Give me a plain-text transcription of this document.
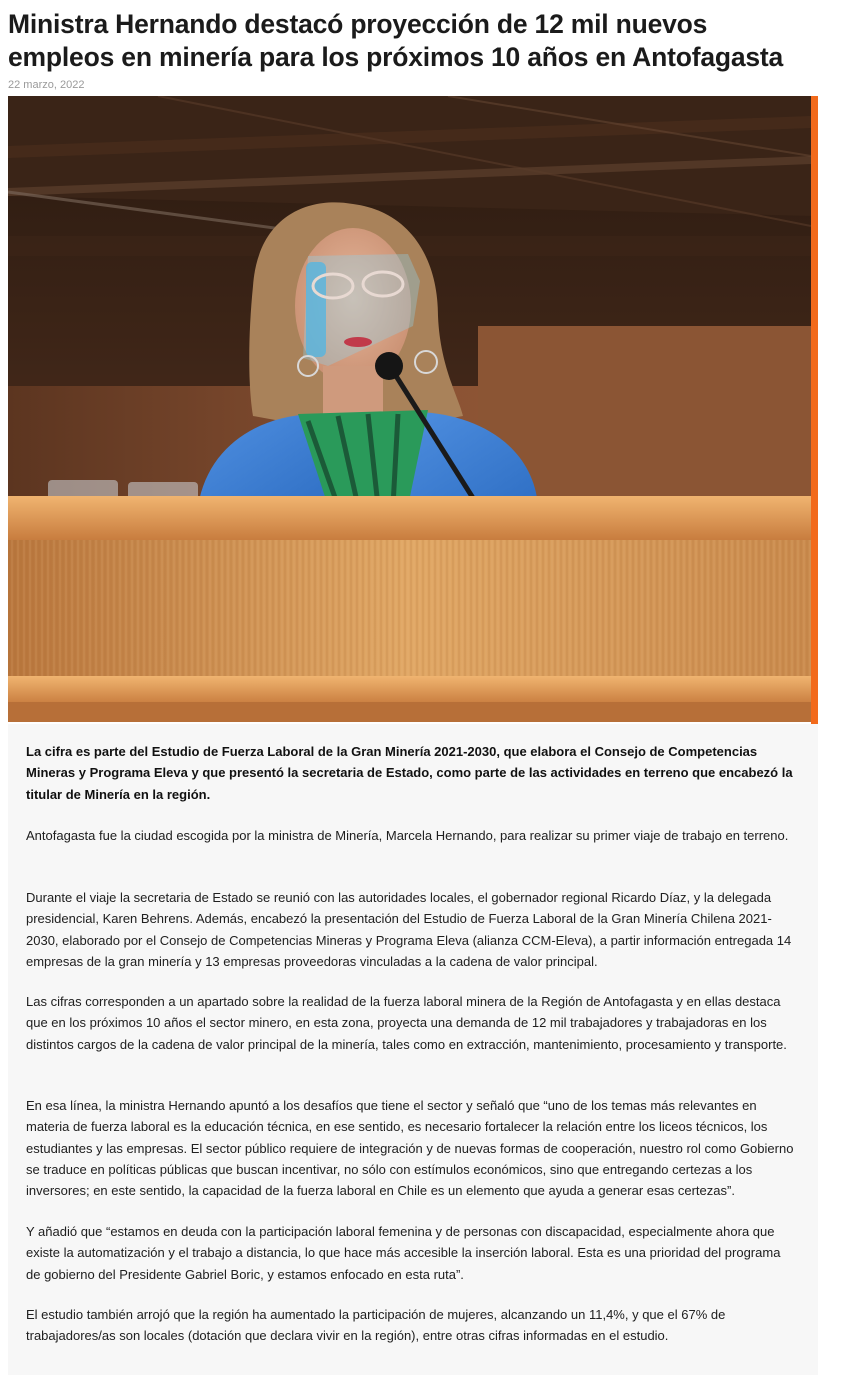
Ministra Hernando destacó proyección de 12 mil nuevos empleos en minería para los próximos 10 años en Antofagasta
22 marzo, 2022

La cifra es parte del Estudio de Fuerza Laboral de la Gran Minería 2021-2030, que elabora el Consejo de Competencias Mineras y Programa Eleva y que presentó la secretaria de Estado, como parte de las actividades en terreno que encabezó la titular de Minería en la región.

Antofagasta fue la ciudad escogida por la ministra de Minería, Marcela Hernando, para realizar su primer viaje de trabajo en terreno.

Durante el viaje la secretaria de Estado se reunió con las autoridades locales, el gobernador regional Ricardo Díaz, y la delegada presidencial, Karen Behrens. Además, encabezó la presentación del Estudio de Fuerza Laboral de la Gran Minería Chilena 2021-2030, elaborado por el Consejo de Competencias Mineras y Programa Eleva (alianza CCM-Eleva), a partir información entregada 14 empresas de la gran minería y 13 empresas proveedoras vinculadas a la cadena de valor principal.

Las cifras corresponden a un apartado sobre la realidad de la fuerza laboral minera de la Región de Antofagasta y en ellas destaca que en los próximos 10 años el sector minero, en esta zona, proyecta una demanda de 12 mil trabajadores y trabajadoras en los distintos cargos de la cadena de valor principal de la minería, tales como en extracción, mantenimiento, procesamiento y transporte.

En esa línea, la ministra Hernando apuntó a los desafíos que tiene el sector y señaló que “uno de los temas más relevantes en materia de fuerza laboral es la educación técnica, en ese sentido, es necesario fortalecer la relación entre los liceos técnicos, los estudiantes y las empresas. El sector público requiere de integración y de nuevas formas de cooperación, nuestro rol como Gobierno se traduce en políticas públicas que buscan incentivar, no sólo con estímulos económicos, sino que entregando certezas a los inversores; en este sentido, la capacidad de la fuerza laboral en Chile es un elemento que ayuda a generar esas certezas”.

Y añadió que “estamos en deuda con la participación laboral femenina y de personas con discapacidad, especialmente ahora que existe la automatización y el trabajo a distancia, lo que hace más accesible la inserción laboral. Esta es una prioridad del programa de gobierno del Presidente Gabriel Boric, y estamos enfocado en esta ruta”.

El estudio también arrojó que la región ha aumentado la participación de mujeres, alcanzando un 11,4%, y que el 67% de trabajadores/as son locales (dotación que declara vivir en la región), entre otras cifras informadas en el estudio.
